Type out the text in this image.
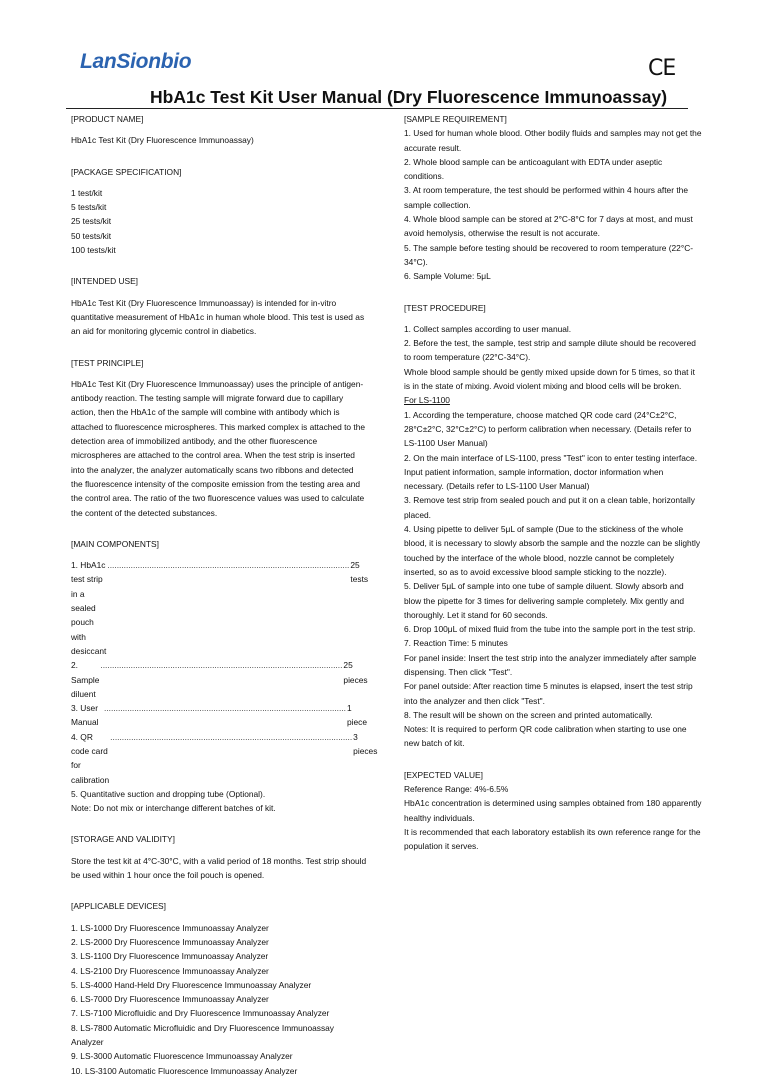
LanSionbio	CE
HbA1c Test Kit User Manual (Dry Fluorescence Immunoassay)

[PRODUCT NAME]

HbA1c Test Kit (Dry Fluorescence Immunoassay)

[PACKAGE SPECIFICATION]

1 test/kit

5 tests/kit

25 tests/kit

50 tests/kit

100 tests/kit

[INTENDED USE]

HbA1c Test Kit (Dry Fluorescence Immunoassay) is intended for in-vitro quantitative measurement of HbA1c in human whole blood. This test is used as an aid for monitoring glycemic control in diabetics.

[TEST PRINCIPLE]

HbA1c Test Kit (Dry Fluorescence Immunoassay) uses the principle of antigen-antibody reaction. The testing sample will migrate forward due to capillary action, then the HbA1c of the sample will combine with antibody which is attached to fluorescence microspheres. This marked complex is attached to the detection area of immobilized antibody, and the other fluorescence microspheres are attached to the control area. When the test strip is inserted into the analyzer, the analyzer automatically scans two ribbons and detected the fluorescence intensity of the composite emission from the testing area and the control area. The ratio of the two fluorescence values was used to calculate the content of the detected substances.

[MAIN COMPONENTS]

1. HbA1c test strip in a sealed pouch with desiccant
........................................................................................................ 25 tests
2. Sample diluent
........................................................................................................ 25 pieces
3. User Manual
........................................................................................................ 1 piece
4. QR code card for calibration
........................................................................................................ 3 pieces

5. Quantitative suction and dropping tube (Optional).

Note: Do not mix or interchange different batches of kit.

[STORAGE AND VALIDITY]

Store the test kit at 4°C-30°C, with a valid period of 18 months. Test strip should be used within 1 hour once the foil pouch is opened.

[APPLICABLE DEVICES]

1. LS-1000 Dry Fluorescence Immunoassay Analyzer

2. LS-2000 Dry Fluorescence Immunoassay Analyzer

3. LS-1100 Dry Fluorescence Immunoassay Analyzer

4. LS-2100 Dry Fluorescence Immunoassay Analyzer

5. LS-4000 Hand-Held Dry Fluorescence Immunoassay Analyzer

6. LS-7000 Dry Fluorescence Immunoassay Analyzer

7. LS-7100 Microfluidic and Dry Fluorescence Immunoassay Analyzer

8. LS-7800 Automatic Microfluidic and Dry Fluorescence Immunoassay Analyzer

9. LS-3000 Automatic Fluorescence Immunoassay Analyzer

10. LS-3100 Automatic Fluorescence Immunoassay Analyzer

[SAMPLE REQUIREMENT]

1. Used for human whole blood. Other bodily fluids and samples may not get the accurate result.

2. Whole blood sample can be anticoagulant with EDTA under aseptic conditions.

3. At room temperature, the test should be performed within 4 hours after the sample collection.

4. Whole blood sample can be stored at 2°C-8°C for 7 days at most, and must avoid hemolysis, otherwise the result is not accurate.

5. The sample before testing should be recovered to room temperature (22°C-34°C).

6. Sample Volume: 5μL

[TEST PROCEDURE]

1. Collect samples according to user manual.

2. Before the test, the sample, test strip and sample dilute should be recovered to room temperature (22°C-34°C).

Whole blood sample should be gently mixed upside down for 5 times, so that it is in the state of mixing. Avoid violent mixing and blood cells will be broken.

For LS-1100

1. According the temperature, choose matched QR code card (24°C±2°C, 28°C±2°C, 32°C±2°C) to perform calibration when necessary. (Details refer to LS-1100 User Manual)

2. On the main interface of LS-1100, press "Test" icon to enter testing interface. Input patient information, sample information, doctor information when necessary. (Details refer to LS-1100 User Manual)

3. Remove test strip from sealed pouch and put it on a clean table, horizontally placed.

4. Using pipette to deliver 5μL of sample (Due to the stickiness of the whole blood, it is necessary to slowly absorb the sample and the nozzle can be slightly touched by the interface of the whole blood, nozzle cannot be completely inserted, so as to avoid excessive blood sample sticking to the nozzle).

5. Deliver 5μL of sample into one tube of sample diluent. Slowly absorb and blow the pipette for 3 times for delivering sample completely. Mix gently and thoroughly. Let it stand for 60 seconds.

6. Drop 100μL of mixed fluid from the tube into the sample port in the test strip.

7. Reaction Time: 5 minutes

For panel inside: Insert the test strip into the analyzer immediately after sample dispensing. Then click "Test".

For panel outside: After reaction time 5 minutes is elapsed, insert the test strip into the analyzer and then click "Test".

8. The result will be shown on the screen and printed automatically.

Notes: It is required to perform QR code calibration when starting to use one new batch of kit.

[EXPECTED VALUE]

Reference Range: 4%-6.5%

HbA1c concentration is determined using samples obtained from 180 apparently healthy individuals.

It is recommended that each laboratory establish its own reference range for the population it serves.
